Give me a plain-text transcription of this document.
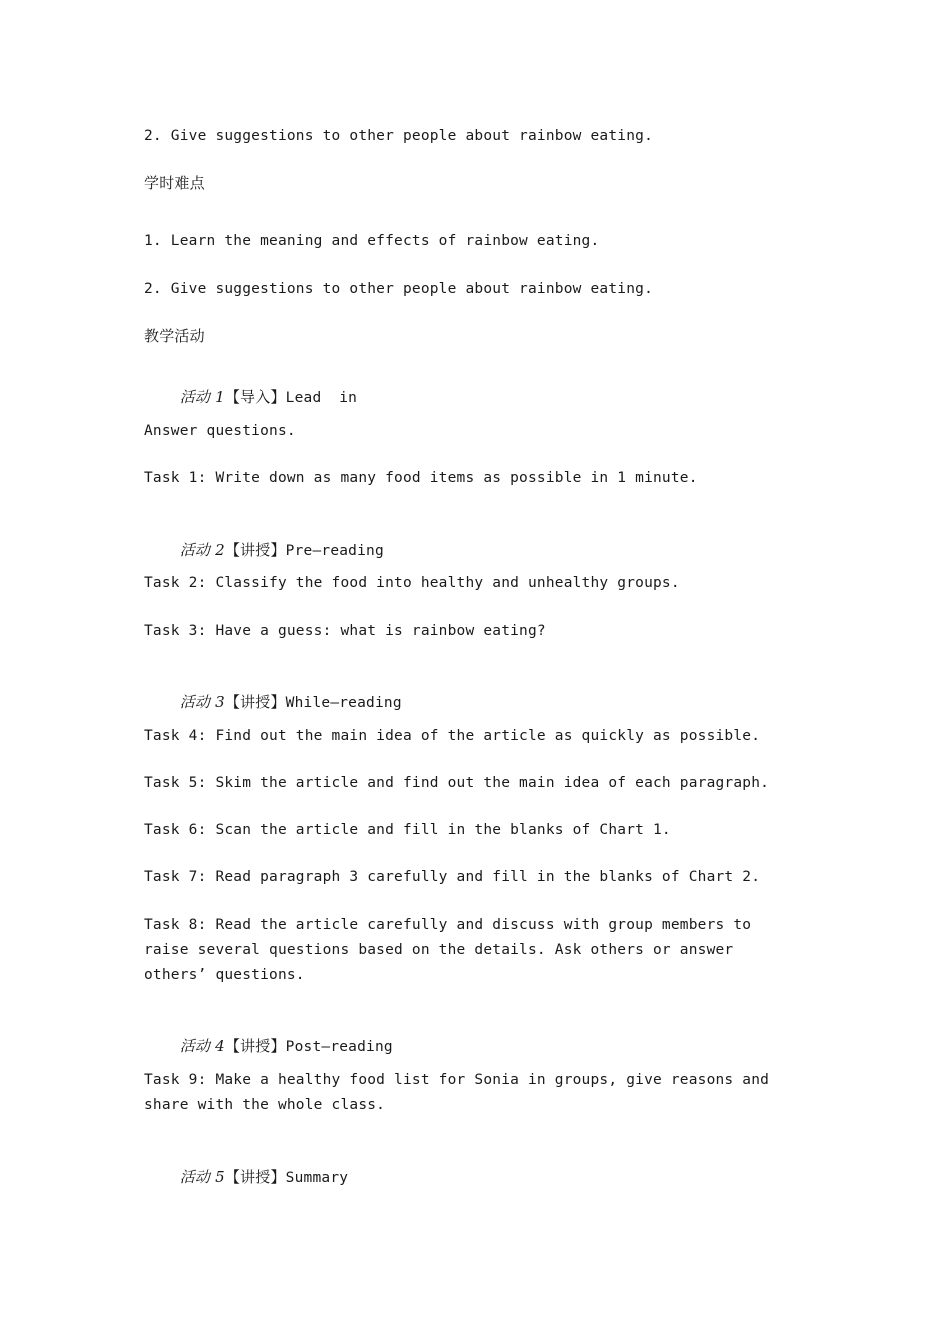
2. Give suggestions to other people about rainbow eating.
学时难点
1. Learn the meaning and effects of rainbow eating.
2. Give suggestions to other people about rainbow eating.
教学活动

活动 1【导入】Lead  in

Answer questions.
Task 1: Write down as many food items as possible in 1 minute.

活动 2【讲授】Pre—reading

Task 2: Classify the food into healthy and unhealthy groups.
Task 3: Have a guess: what is rainbow eating?

活动 3【讲授】While—reading

Task 4: Find out the main idea of the article as quickly as possible.
Task 5: Skim the article and find out the main idea of each paragraph.
Task 6: Scan the article and fill in the blanks of Chart 1.
Task 7: Read paragraph 3 carefully and fill in the blanks of Chart 2.
Task 8: Read the article carefully and discuss with group members to raise several questions based on the details. Ask others or answer others’ questions.

活动 4【讲授】Post—reading

Task 9: Make a healthy food list for Sonia in groups, give reasons and share with the whole class.

活动 5【讲授】Summary
